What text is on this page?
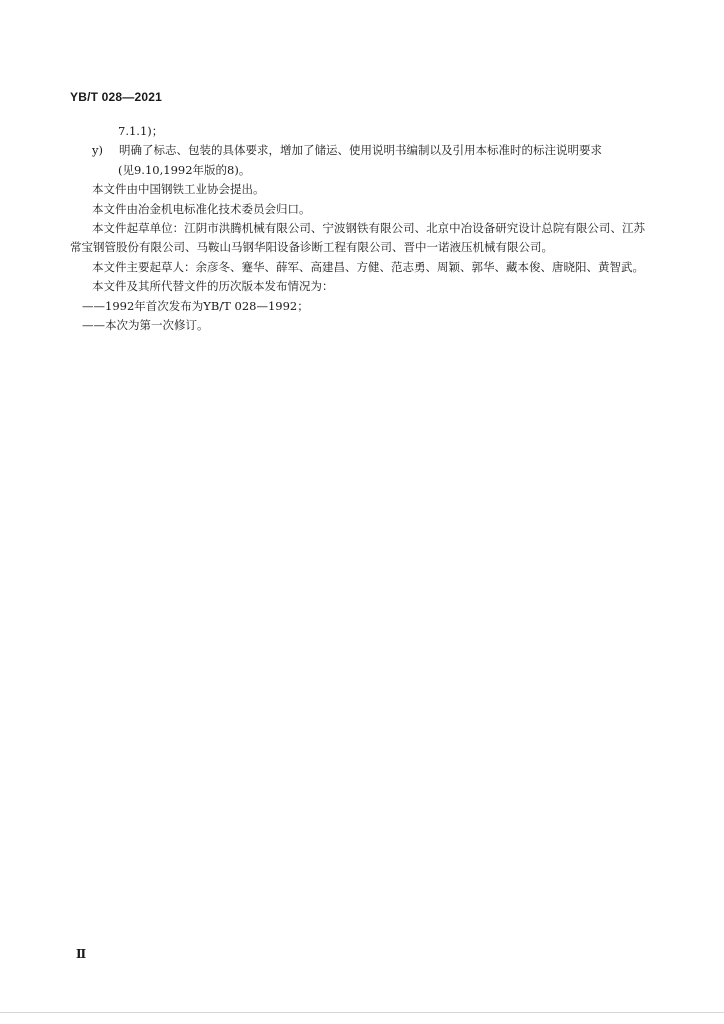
YB/T 028—2021
7.1.1)；
y) 明确了标志、包装的具体要求，增加了储运、使用说明书编制以及引用本标准时的标注说明要求
(见9.10,1992年版的8)。
本文件由中国钢铁工业协会提出。
本文件由冶金机电标准化技术委员会归口。
本文件起草单位：江阴市洪腾机械有限公司、宁波钢铁有限公司、北京中冶设备研究设计总院有限公司、江苏常宝钢管股份有限公司、马鞍山马钢华阳设备诊断工程有限公司、晋中一诺液压机械有限公司。
本文件主要起草人：余彦冬、蹇华、薛军、高建昌、方健、范志勇、周颖、郭华、藏本俊、唐晓阳、黄智武。
本文件及其所代替文件的历次版本发布情况为：
——1992年首次发布为YB/T 028—1992；
——本次为第一次修订。
Ⅱ
